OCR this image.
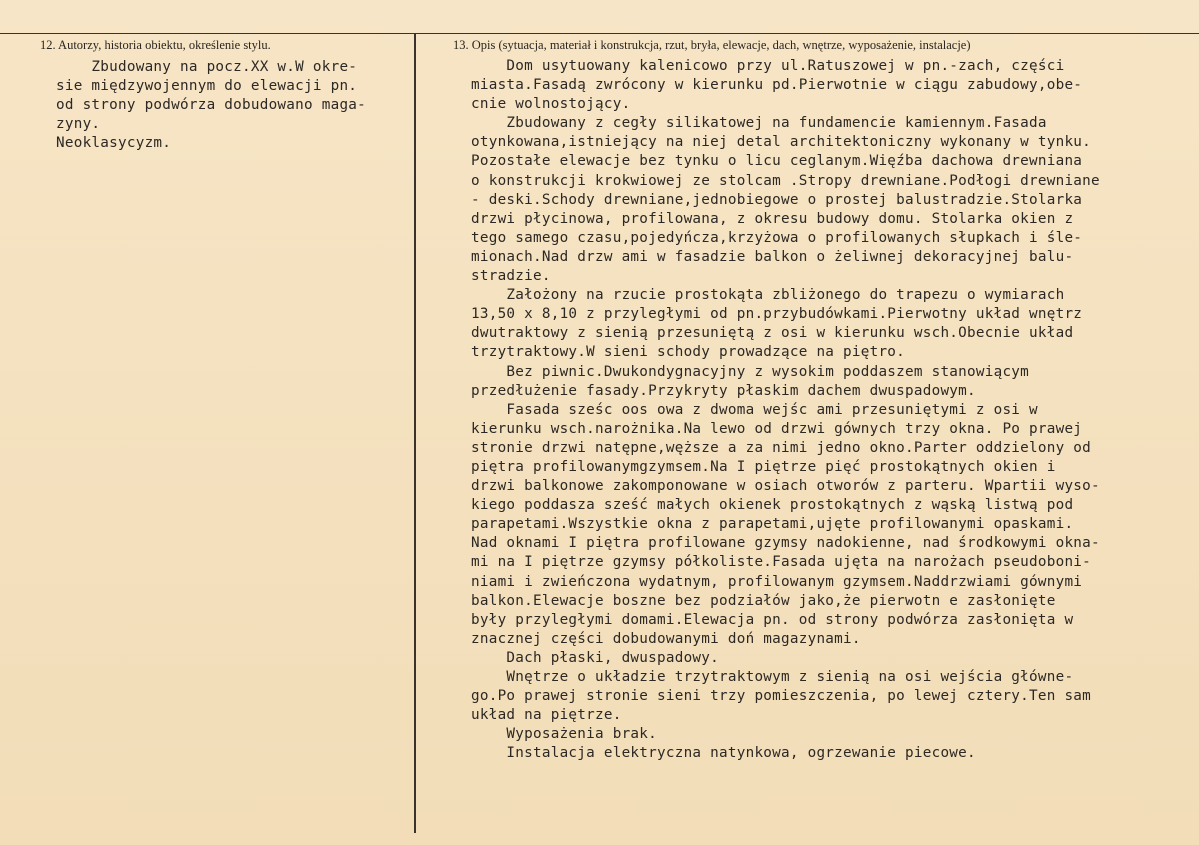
12. Autorzy, historia obiektu, określenie stylu.	13. Opis (sytuacja, materiał i konstrukcja, rzut, bryła, elewacje, dach, wnętrze, wyposażenie, instalacje)
Zbudowany na pocz.XX w.W okre-
sie międzywojennym do elewacji pn.
od strony podwórza dobudowano maga-
zyny.
Neoklasycyzm.
Dom usytuowany kalenicowo przy ul.Ratuszowej w pn.-zach, części
miasta.Fasadą zwrócony w kierunku pd.Pierwotnie w ciągu zabudowy,obe-
cnie wolnostojący.
Zbudowany z cegły silikatowej na fundamencie kamiennym.Fasada
otynkowana,istniejący na niej detal architektoniczny wykonany w tynku.
Pozostałe elewacje bez tynku o licu ceglanym.Więźba dachowa drewniana
o konstrukcji krokwiowej ze stolcam .Stropy drewniane.Podłogi drewniane
- deski.Schody drewniane,jednobiegowe o prostej balustradzie.Stolarka
drzwi płycinowa, profilowana, z okresu budowy domu. Stolarka okien z
tego samego czasu,pojedyńcza,krzyżowa o profilowanych słupkach i śle-
mionach.Nad drzw ami w fasadzie balkon o żeliwnej dekoracyjnej balu-
stradzie.
Założony na rzucie prostokąta zbliżonego do trapezu o wymiarach
13,50 x 8,10 z przyległymi od pn.przybudówkami.Pierwotny układ wnętrz
dwutraktowy z sienią przesuniętą z osi w kierunku wsch.Obecnie układ
trzytraktowy.W sieni schody prowadzące na piętro.
Bez piwnic.Dwukondygnacyjny z wysokim poddaszem stanowiącym
przedłużenie fasady.Przykryty płaskim dachem dwuspadowym.
Fasada sześc oos owa z dwoma wejśc ami przesuniętymi z osi w
kierunku wsch.narożnika.Na lewo od drzwi gównych trzy okna. Po prawej
stronie drzwi natępne,węższe a za nimi jedno okno.Parter oddzielony od
piętra profilowanymgzymsem.Na I piętrze pięć prostokątnych okien i
drzwi balkonowe zakomponowane w osiach otworów z parteru. Wpartii wyso-
kiego poddasza sześć małych okienek prostokątnych z wąską listwą pod
parapetami.Wszystkie okna z parapetami,ujęte profilowanymi opaskami.
Nad oknami I piętra profilowane gzymsy nadokienne, nad środkowymi okna-
mi na I piętrze gzymsy półkoliste.Fasada ujęta na narożach pseudoboni-
niami i zwieńczona wydatnym, profilowanym gzymsem.Naddrzwiami gównymi
balkon.Elewacje boszne bez podziałów jako,że pierwotn e zasłonięte
były przyległymi domami.Elewacja pn. od strony podwórza zasłonięta w
znacznej części dobudowanymi doń magazynami.
Dach płaski, dwuspadowy.
Wnętrze o układzie trzytraktowym z sienią na osi wejścia główne-
go.Po prawej stronie sieni trzy pomieszczenia, po lewej cztery.Ten sam
układ na piętrze.
Wyposażenia brak.
Instalacja elektryczna natynkowa, ogrzewanie piecowe.
